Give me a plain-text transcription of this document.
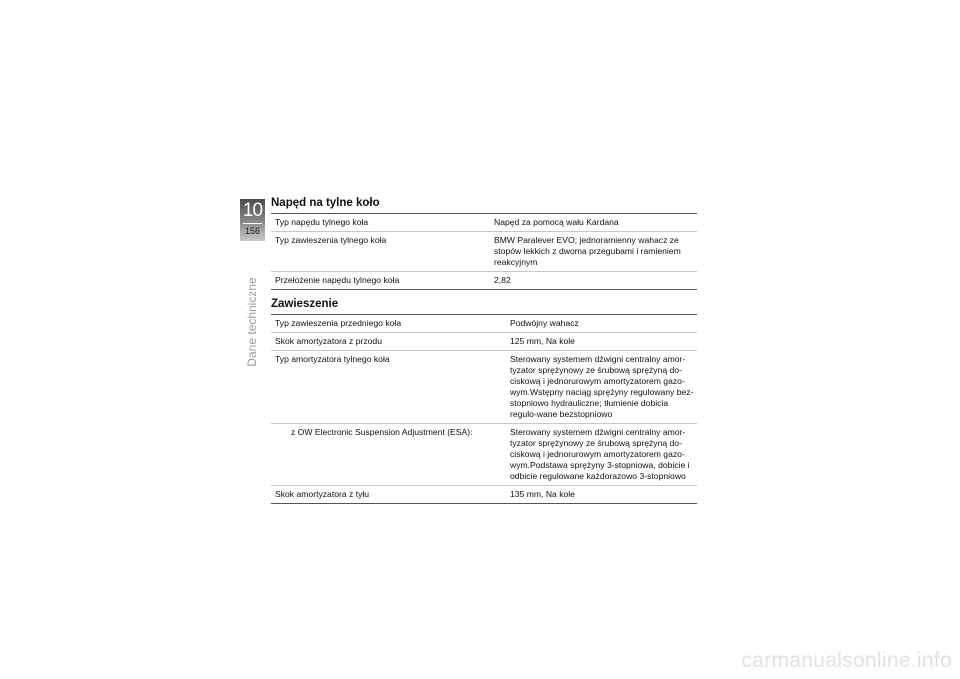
10
156
Dane techniczne
Napęd na tylne koło
Typ napędu tylnego koła	Napęd za pomocą wału Kardana
Typ zawieszenia tylnego koła	BMW Paralever EVO; jednoramienny wahacz ze stopów lekkich z dwoma przegubami i ramieniem reakcyjnym
Przełożenie napędu tylnego koła	2,82
Zawieszenie
Typ zawieszenia przedniego koła	Podwójny wahacz
Skok amortyzatora z przodu	125 mm, Na kole
Typ amortyzatora tylnego koła	Sterowany systemem dźwigni centralny amor-tyzator sprężynowy ze śrubową sprężyną do-ciskową i jednorurowym amortyzatorem gazo-wym.Wstępny naciąg sprężyny regulowany bez-stopniowo hydrauliczne; tłumienie dobicia regulo-wane bezstopniowo
z OW Electronic Suspension Adjustment (ESA):	Sterowany systemem dźwigni centralny amor-tyzator sprężynowy ze śrubową sprężyną do-ciskową i jednorurowym amortyzatorem gazo-wym.Podstawa sprężyny 3-stopniowa, dobicie i odbicie regulowane każdorazowo 3-stopniowo
Skok amortyzatora z tyłu	135 mm, Na kole
carmanualsonline.info
